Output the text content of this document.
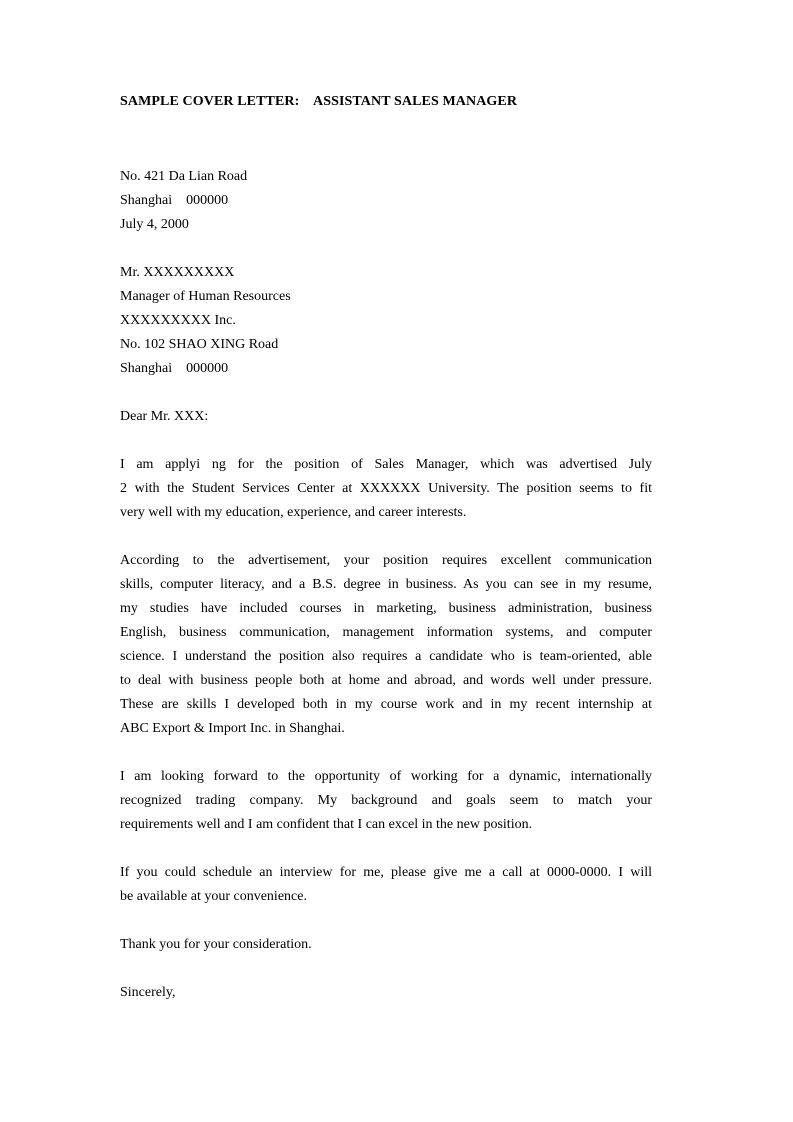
SAMPLE COVER LETTER:    ASSISTANT SALES MANAGER
No. 421 Da Lian Road
Shanghai    000000
July 4, 2000
Mr. XXXXXXXXX
Manager of Human Resources
XXXXXXXXX Inc.
No. 102 SHAO XING Road
Shanghai    000000
Dear Mr. XXX:
I am applyi ng for the position of Sales Manager, which was advertised July
2 with the Student Services Center at XXXXXX University. The position seems to fit
very well with my education, experience, and career interests.
According to the advertisement, your position requires excellent communication
skills, computer literacy, and a B.S. degree in business. As you can see in my resume,
my studies have included courses in marketing, business administration, business
English, business communication, management information systems, and computer
science. I understand the position also requires a candidate who is team-oriented, able
to deal with business people both at home and abroad, and words well under pressure.
These are skills I developed both in my course work and in my recent internship at
ABC Export & Import Inc. in Shanghai.
I am looking forward to the opportunity of working for a dynamic, internationally
recognized trading company. My background and goals seem to match your
requirements well and I am confident that I can excel in the new position.
If you could schedule an interview for me, please give me a call at 0000-0000. I will
be available at your convenience.
Thank you for your consideration.
Sincerely,
